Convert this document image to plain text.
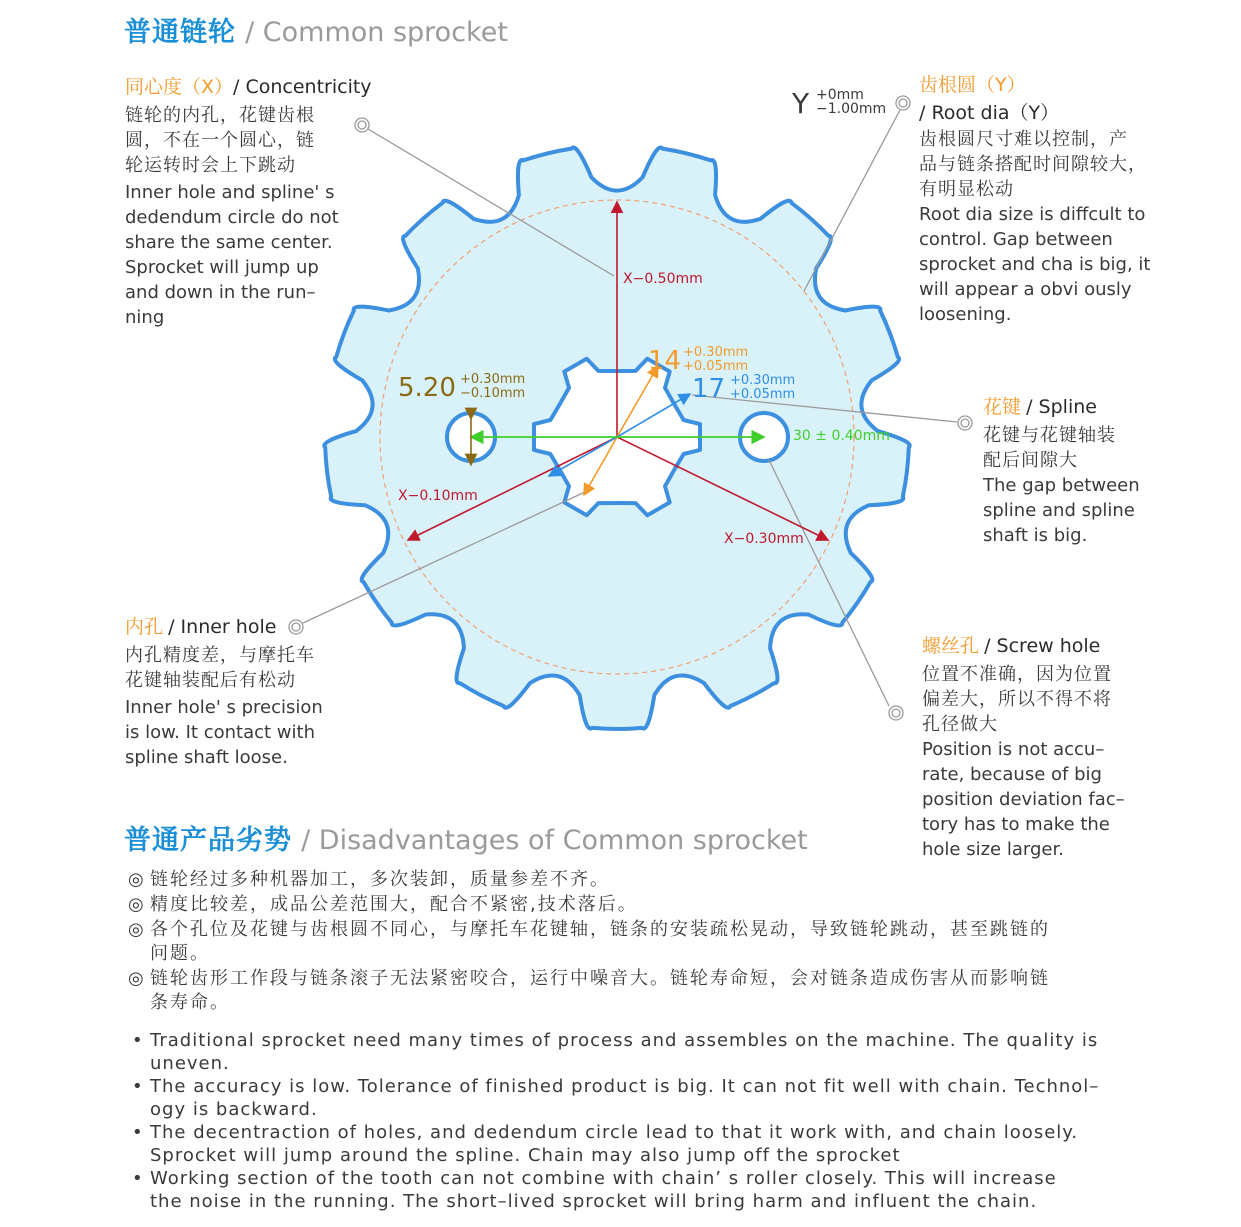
普通链轮 / Common sprocket
X−0.50mm
X−0.10mm
X−0.30mm
5.20 +0.30mm
−0.10mm
14 +0.30mm
+0.05mm
17 +0.30mm
+0.05mm
30 ± 0.40mm
Y +0mm
−1.00mm
同心度（X）/ Concentricity
链轮的内孔，花键齿根
圆，不在一个圆心，链
轮运转时会上下跳动
Inner hole and spline' s
dedendum circle do not
share the same center.
Sprocket will jump up
and down in the run–
ning
齿根圆（Y）
/ Root dia（Y）
齿根圆尺寸难以控制，产
品与链条搭配时间隙较大，
有明显松动
Root dia size is diffcult to
control. Gap between
sprocket and cha is big, it
will appear a obvi ously
loosening.
花键 / Spline
花键与花键轴装
配后间隙大
The gap between
spline and spline
shaft is big.
内孔 / Inner hole
内孔精度差，与摩托车
花键轴装配后有松动
Inner hole' s precision
is low. It contact with
spline shaft loose.
螺丝孔 / Screw hole
位置不准确，因为位置
偏差大，所以不得不将
孔径做大
Position is not accu–
rate, because of big
position deviation fac–
tory has to make the
hole size larger.
普通产品劣势 / Disadvantages of Common sprocket
◎ 链轮经过多种机器加工，多次装卸，质量参差不齐。
◎ 精度比较差，成品公差范围大，配合不紧密,技术落后。
◎ 各个孔位及花键与齿根圆不同心，与摩托车花键轴，链条的安装疏松晃动，导致链轮跳动，甚至跳链的
问题。
◎ 链轮齿形工作段与链条滚子无法紧密咬合，运行中噪音大。链轮寿命短，会对链条造成伤害从而影响链
条寿命。
• Traditional sprocket need many times of process and assembles on the machine. The quality is
uneven.
• The accuracy is low. Tolerance of finished product is big. It can not fit well with chain. Technol–
ogy is backward.
• The decentraction of holes, and dedendum circle lead to that it work with, and chain loosely.
Sprocket will jump around the spline. Chain may also jump off the sprocket
• Working section of the tooth can not combine with chain’ s roller closely. This will increase
the noise in the running. The short–lived sprocket will bring harm and influent the chain.
